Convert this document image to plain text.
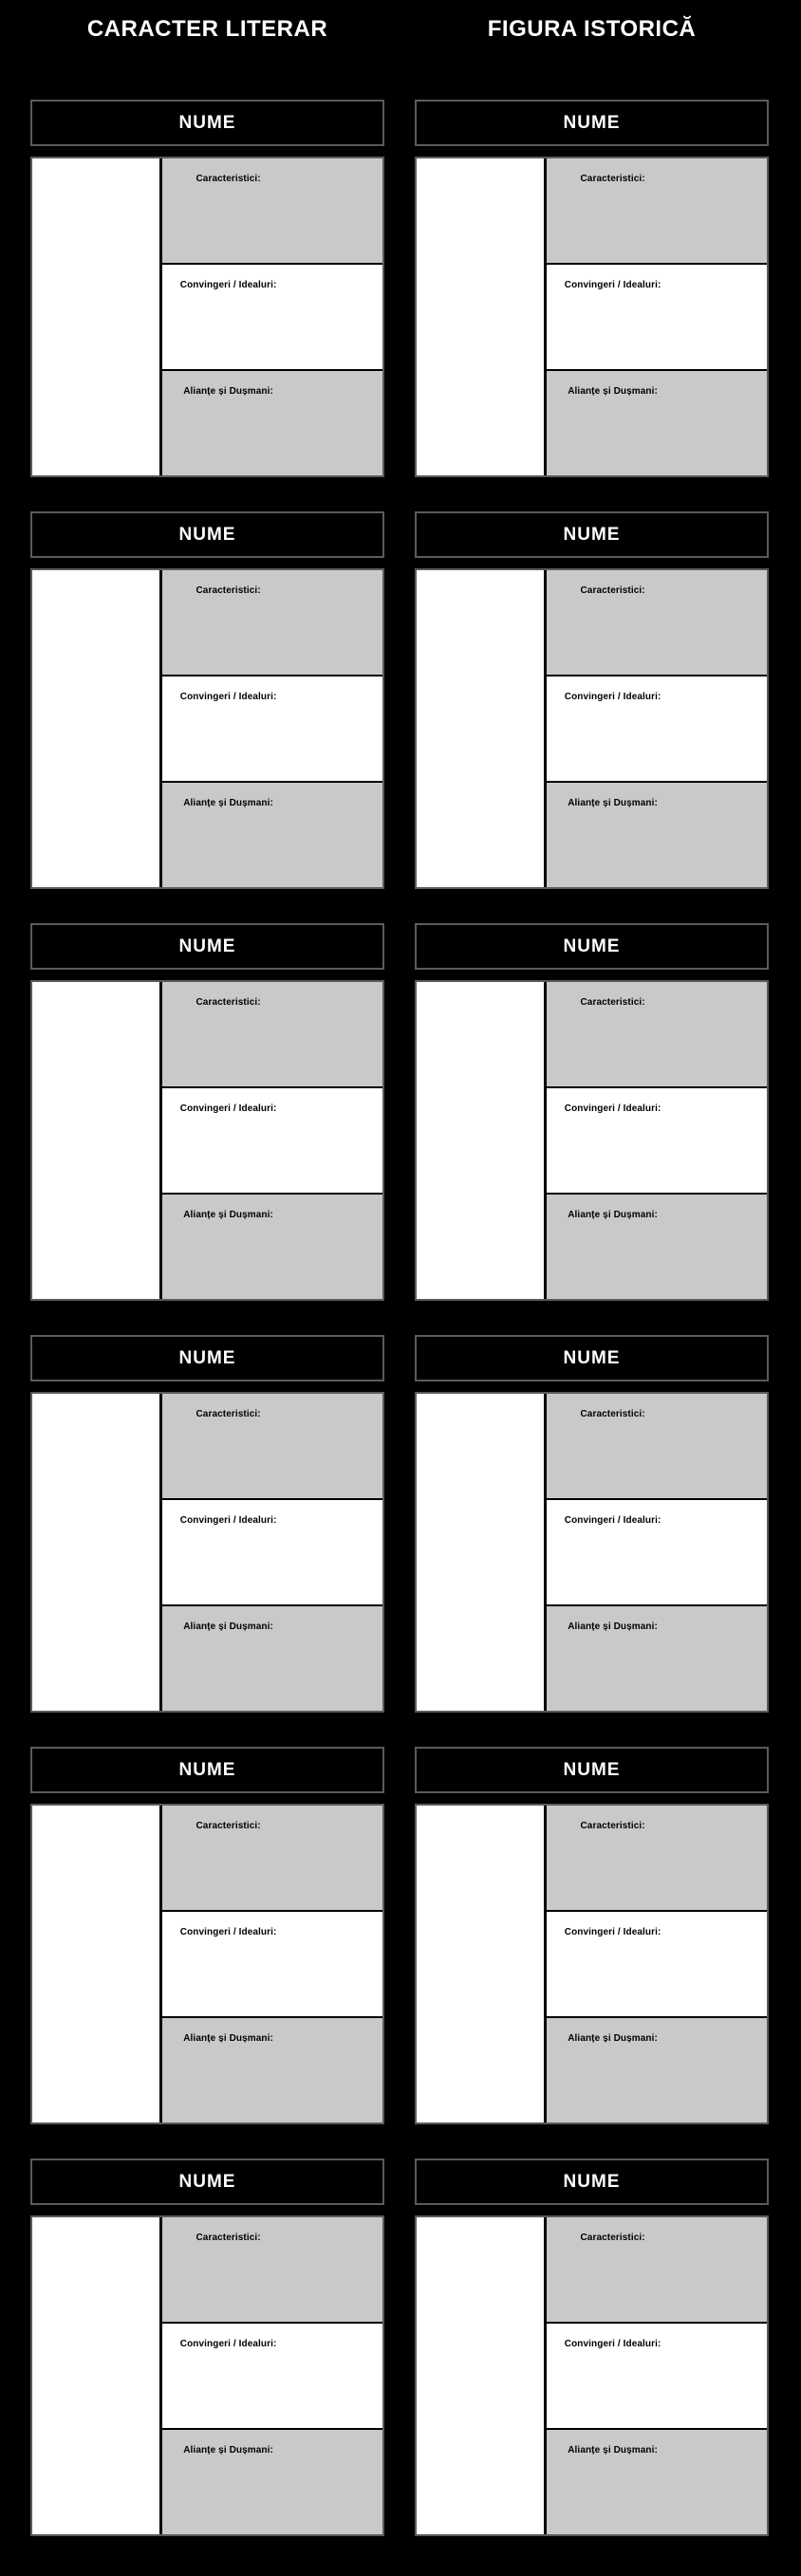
CARACTER LITERAR	FIGURA ISTORICĂ
NUME
Caracteristici:
Convingeri / Idealuri:
Alianțe și Dușmani:
NUME
Caracteristici:
Convingeri / Idealuri:
Alianțe și Dușmani:
NUME
Caracteristici:
Convingeri / Idealuri:
Alianțe și Dușmani:
NUME
Caracteristici:
Convingeri / Idealuri:
Alianțe și Dușmani:
NUME
Caracteristici:
Convingeri / Idealuri:
Alianțe și Dușmani:
NUME
Caracteristici:
Convingeri / Idealuri:
Alianțe și Dușmani:
NUME
Caracteristici:
Convingeri / Idealuri:
Alianțe și Dușmani:
NUME
Caracteristici:
Convingeri / Idealuri:
Alianțe și Dușmani:
NUME
Caracteristici:
Convingeri / Idealuri:
Alianțe și Dușmani:
NUME
Caracteristici:
Convingeri / Idealuri:
Alianțe și Dușmani:
NUME
Caracteristici:
Convingeri / Idealuri:
Alianțe și Dușmani:
NUME
Caracteristici:
Convingeri / Idealuri:
Alianțe și Dușmani:
